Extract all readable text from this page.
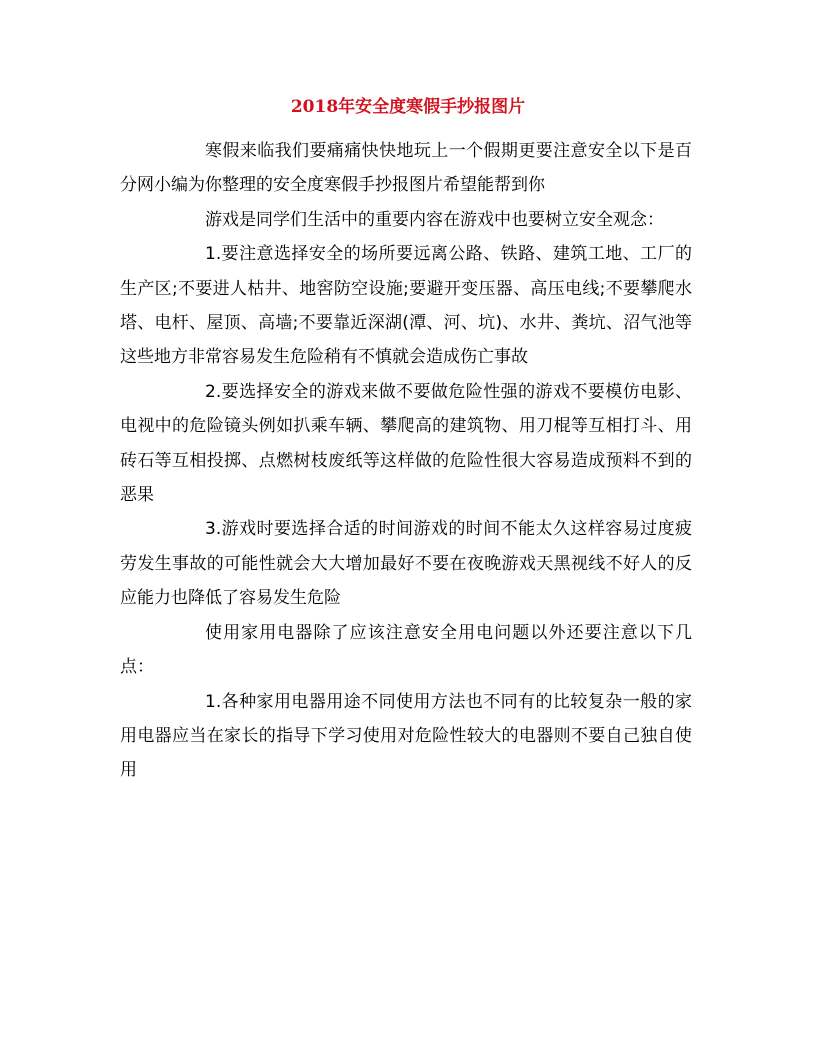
2018年安全度寒假手抄报图片

寒假来临我们要痛痛快快地玩上一个假期更要注意安全以下是百分网小编为你整理的安全度寒假手抄报图片希望能帮到你

游戏是同学们生活中的重要内容在游戏中也要树立安全观念：

1.要注意选择安全的场所要远离公路、铁路、建筑工地、工厂的生产区;不要进人枯井、地窖防空设施;要避开变压器、高压电线;不要攀爬水塔、电杆、屋顶、高墙;不要靠近深湖(潭、河、坑)、水井、粪坑、沼气池等这些地方非常容易发生危险稍有不慎就会造成伤亡事故

2.要选择安全的游戏来做不要做危险性强的游戏不要模仿电影、电视中的危险镜头例如扒乘车辆、攀爬高的建筑物、用刀棍等互相打斗、用砖石等互相投掷、点燃树枝废纸等这样做的危险性很大容易造成预料不到的恶果

3.游戏时要选择合适的时间游戏的时间不能太久这样容易过度疲劳发生事故的可能性就会大大增加最好不要在夜晚游戏天黑视线不好人的反应能力也降低了容易发生危险

使用家用电器除了应该注意安全用电问题以外还要注意以下几点：

1.各种家用电器用途不同使用方法也不同有的比较复杂一般的家用电器应当在家长的指导下学习使用对危险性较大的电器则不要自己独自使用
